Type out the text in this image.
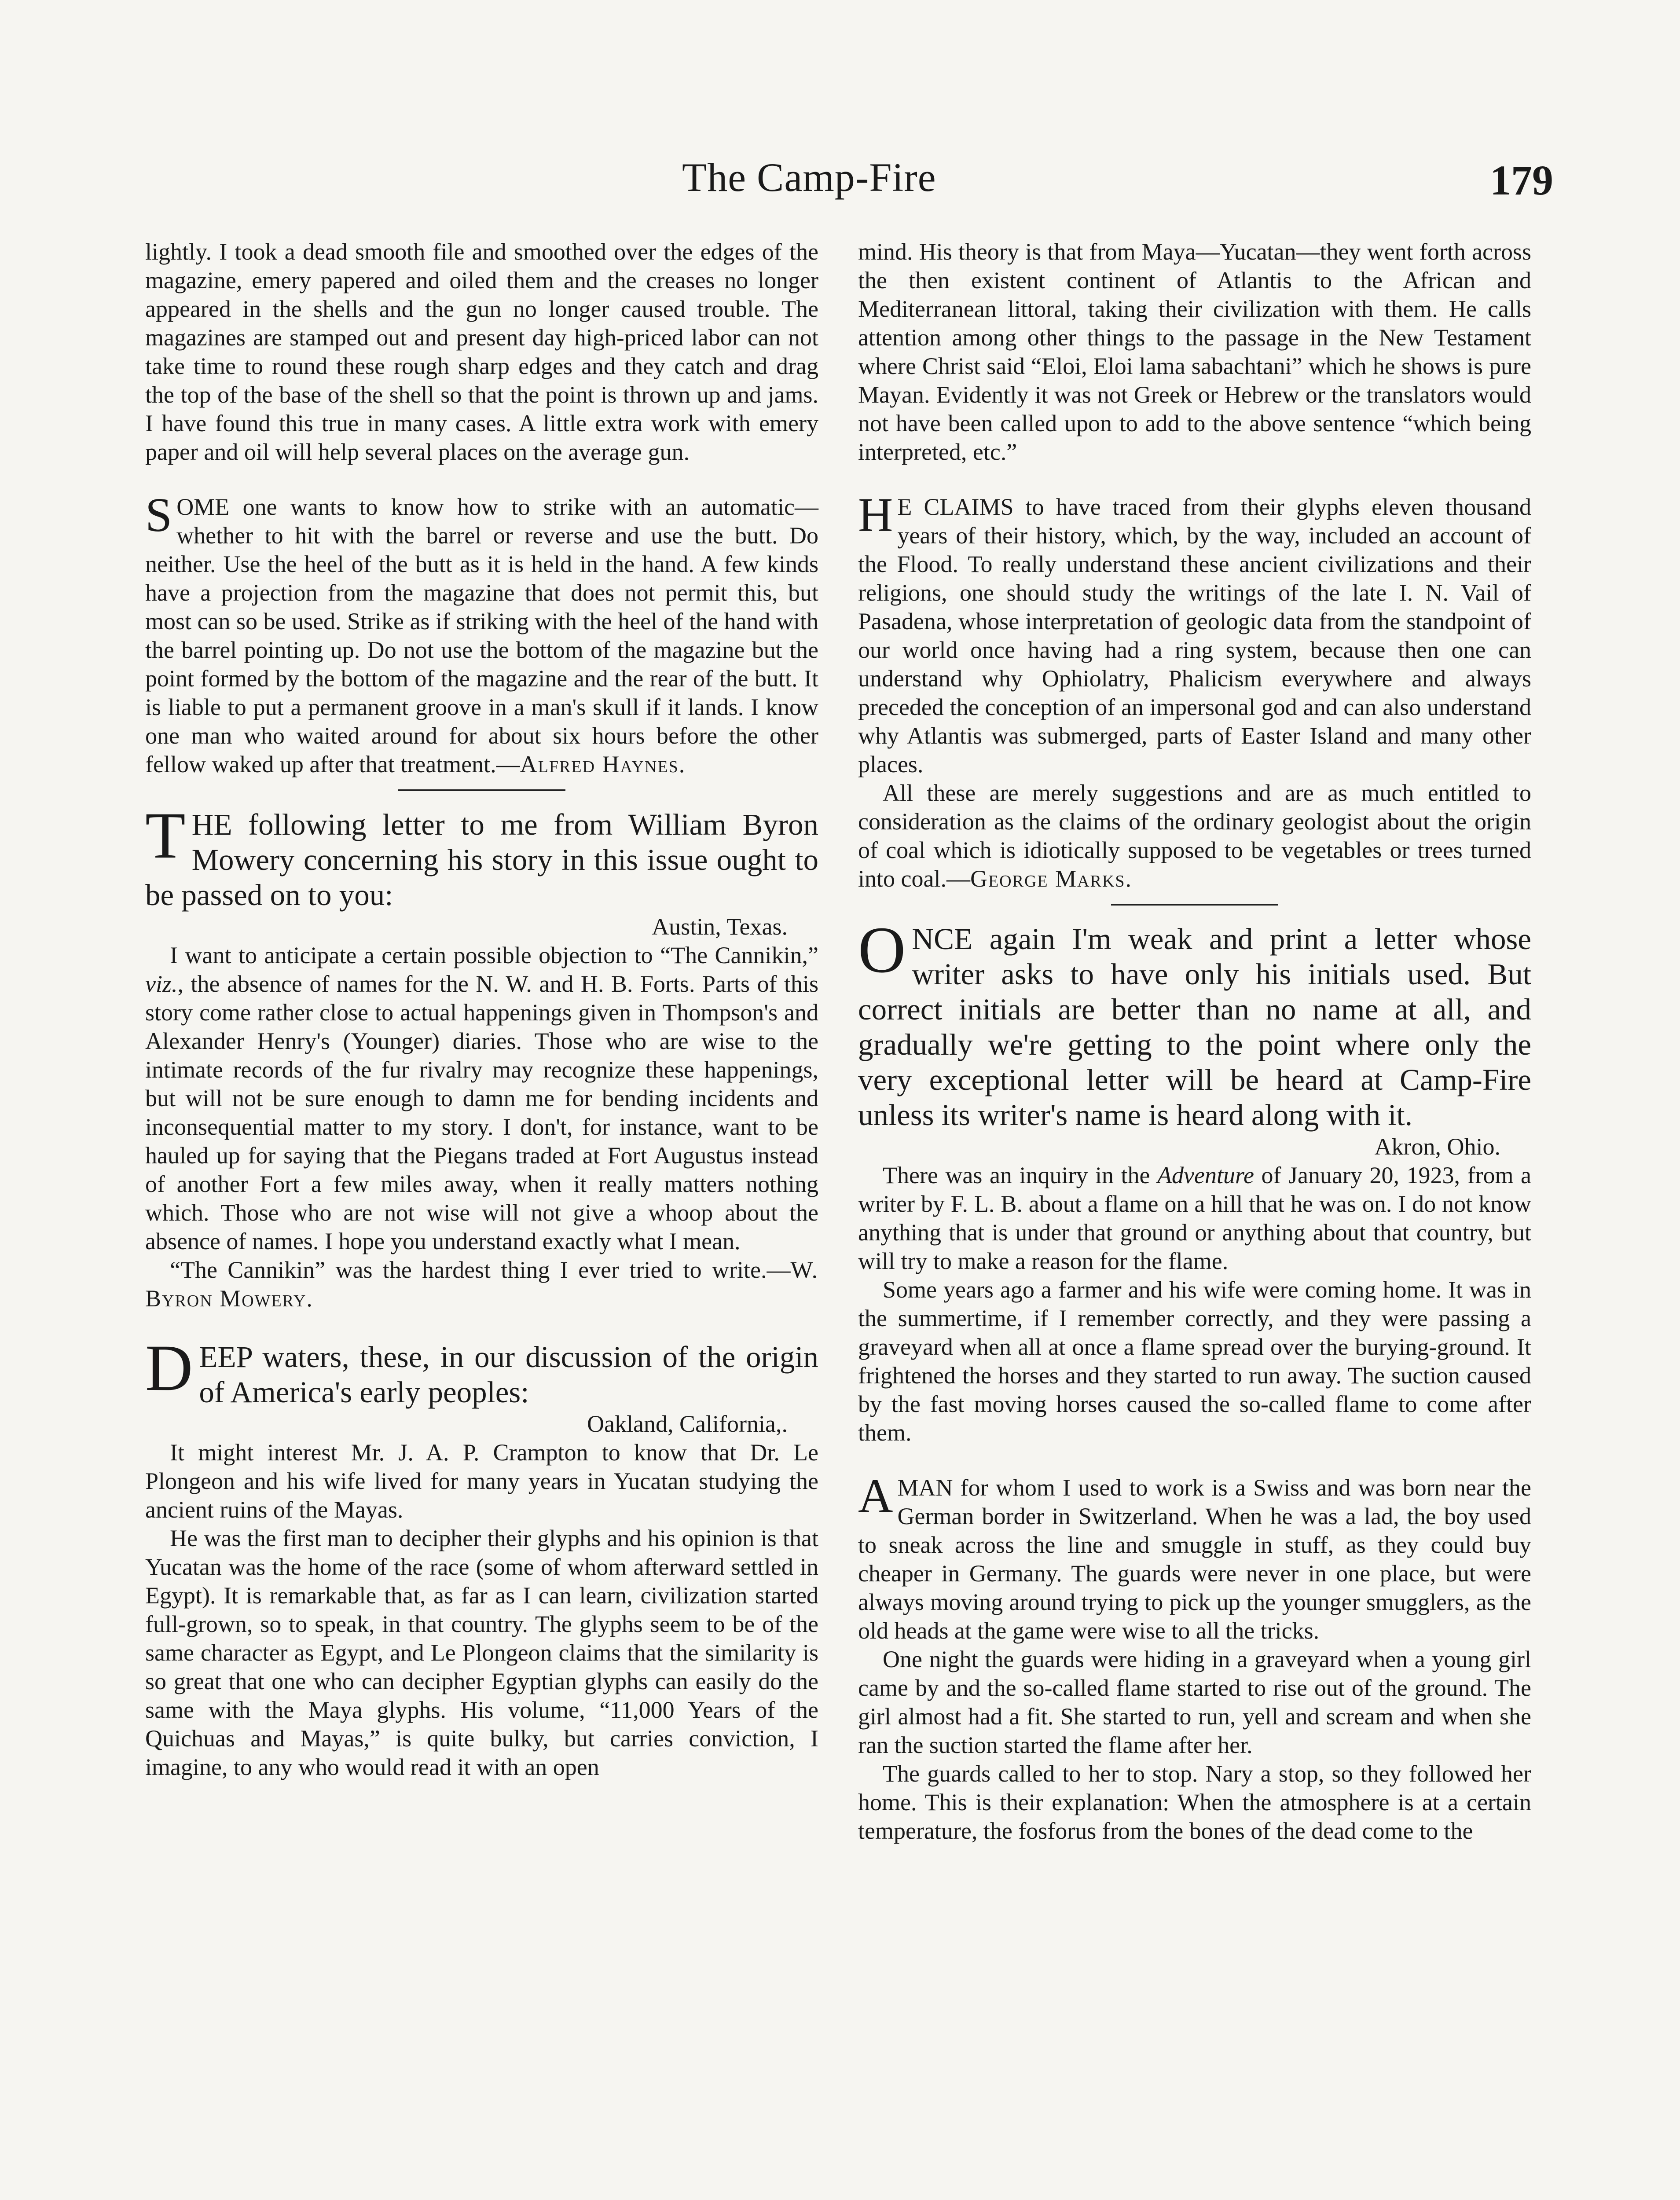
The Camp-Fire	179

lightly. I took a dead smooth file and smoothed over the edges of the magazine, emery papered and oiled them and the creases no longer appeared in the shells and the gun no longer caused trouble. The magazines are stamped out and present day high-priced labor can not take time to round these rough sharp edges and they catch and drag the top of the base of the shell so that the point is thrown up and jams. I have found this true in many cases. A little extra work with emery paper and oil will help several places on the average gun.

SOME one wants to know how to strike with an automatic—whether to hit with the barrel or reverse and use the butt. Do neither. Use the heel of the butt as it is held in the hand. A few kinds have a projection from the magazine that does not permit this, but most can so be used. Strike as if striking with the heel of the hand with the barrel pointing up. Do not use the bottom of the magazine but the point formed by the bottom of the magazine and the rear of the butt. It is liable to put a permanent groove in a man's skull if it lands. I know one man who waited around for about six hours before the other fellow waked up after that treatment.—Alfred Haynes.

THE following letter to me from William Byron Mowery concerning his story in this issue ought to be passed on to you:

Austin, Texas.

I want to anticipate a certain possible objection to “The Cannikin,” viz., the absence of names for the N. W. and H. B. Forts. Parts of this story come rather close to actual happenings given in Thompson's and Alexander Henry's (Younger) diaries. Those who are wise to the intimate records of the fur rivalry may recognize these happenings, but will not be sure enough to damn me for bending incidents and inconsequential matter to my story. I don't, for instance, want to be hauled up for saying that the Piegans traded at Fort Augustus instead of another Fort a few miles away, when it really matters nothing which. Those who are not wise will not give a whoop about the absence of names. I hope you understand exactly what I mean.

“The Cannikin” was the hardest thing I ever tried to write.—W. Byron Mowery.

DEEP waters, these, in our discussion of the origin of America's early peoples:

Oakland, California,.

It might interest Mr. J. A. P. Crampton to know that Dr. Le Plongeon and his wife lived for many years in Yucatan studying the ancient ruins of the Mayas.

He was the first man to decipher their glyphs and his opinion is that Yucatan was the home of the race (some of whom afterward settled in Egypt). It is remarkable that, as far as I can learn, civilization started full-grown, so to speak, in that country. The glyphs seem to be of the same character as Egypt, and Le Plongeon claims that the similarity is so great that one who can decipher Egyptian glyphs can easily do the same with the Maya glyphs. His volume, “11,000 Years of the Quichuas and Mayas,” is quite bulky, but carries conviction, I imagine, to any who would read it with an open

mind. His theory is that from Maya—Yucatan—they went forth across the then existent continent of Atlantis to the African and Mediterranean littoral, taking their civilization with them. He calls attention among other things to the passage in the New Testament where Christ said “Eloi, Eloi lama sabachtani” which he shows is pure Mayan. Evidently it was not Greek or Hebrew or the translators would not have been called upon to add to the above sentence “which being interpreted, etc.”

H E CLAIMS to have traced from their glyphs eleven thousand years of their history, which, by the way, included an account of the Flood. To really understand these ancient civilizations and their religions, one should study the writings of the late I. N. Vail of Pasadena, whose interpretation of geologic data from the standpoint of our world once having had a ring system, because then one can understand why Ophiolatry, Phalicism everywhere and always preceded the conception of an impersonal god and can also understand why Atlantis was submerged, parts of Easter Island and many other places.

All these are merely suggestions and are as much entitled to consideration as the claims of the ordinary geologist about the origin of coal which is idiotically supposed to be vegetables or trees turned into coal.—George Marks.

ONCE again I'm weak and print a letter whose writer asks to have only his initials used. But correct initials are better than no name at all, and gradually we're getting to the point where only the very exceptional letter will be heard at Camp-Fire unless its writer's name is heard along with it.

Akron, Ohio.

There was an inquiry in the Adventure of January 20, 1923, from a writer by F. L. B. about a flame on a hill that he was on. I do not know anything that is under that ground or anything about that country, but will try to make a reason for the flame.

Some years ago a farmer and his wife were coming home. It was in the summertime, if I remember correctly, and they were passing a graveyard when all at once a flame spread over the burying-ground. It frightened the horses and they started to run away. The suction caused by the fast moving horses caused the so-called flame to come after them.

AMAN for whom I used to work is a Swiss and was born near the German border in Switzerland. When he was a lad, the boy used to sneak across the line and smuggle in stuff, as they could buy cheaper in Germany. The guards were never in one place, but were always moving around trying to pick up the younger smugglers, as the old heads at the game were wise to all the tricks.

One night the guards were hiding in a graveyard when a young girl came by and the so-called flame started to rise out of the ground. The girl almost had a fit. She started to run, yell and scream and when she ran the suction started the flame after her.

The guards called to her to stop. Nary a stop, so they followed her home. This is their explanation: When the atmosphere is at a certain temperature, the fosforus from the bones of the dead come to the
